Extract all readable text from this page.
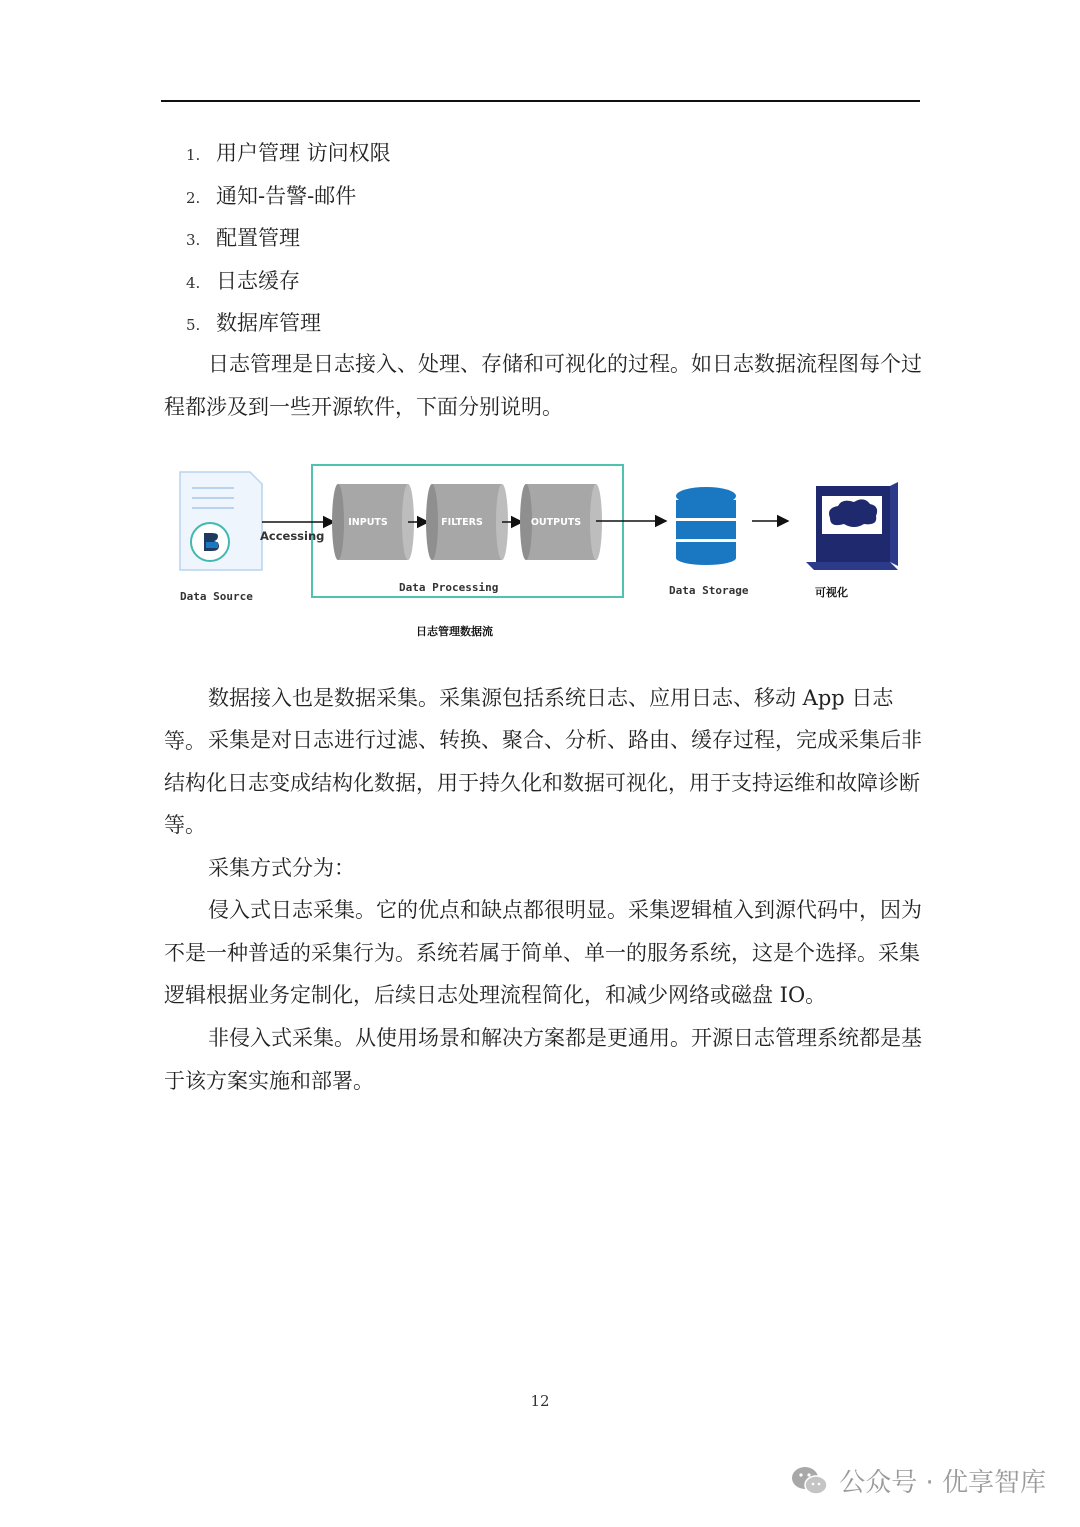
1. 用户管理 访问权限
2. 通知-告警-邮件
3. 配置管理
4. 日志缓存
5. 数据库管理

日志管理是日志接入、处理、存储和可视化的过程。如日志数据流程图每个过程都涉及到一些开源软件，下面分别说明。

INPUTS	FILTERS	OUTPUTS
Data Source
Accessing
Data Processing	Data Storage	可视化
日志管理数据流

数据接入也是数据采集。采集源包括系统日志、应用日志、移动 App 日志等。 采集是对日志进行过滤、转换、聚合、分析、路由、缓存过程，完成采集后非结构化日志变成结构化数据，用于持久化和数据可视化，用于支持运维和故障诊断等。

采集方式分为：

侵入式日志采集。它的优点和缺点都很明显。采集逻辑植入到源代码中，因为不是一种普适的采集行为。系统若属于简单、单一的服务系统，这是个选择。采集逻辑根据业务定制化，后续日志处理流程简化，和减少网络或磁盘 IO。

非侵入式采集。从使用场景和解决方案都是更通用。开源日志管理系统都是基于该方案实施和部署。

12
公众号 · 优享智库
